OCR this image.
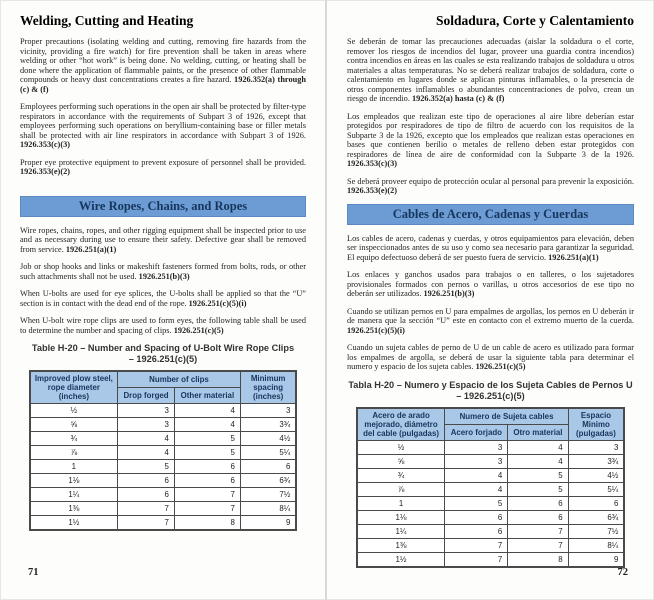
Welding, Cutting and Heating

Proper precautions (isolating welding and cutting, removing fire hazards from the vicinity, providing a fire watch) for fire prevention shall be taken in areas where welding or other “hot work” is being done. No welding, cutting, or heating shall be done where the application of flammable paints, or the presence of other flammable compounds or heavy dust concentrations creates a fire hazard. 1926.352(a) through (c) & (f)

Employees performing such operations in the open air shall be protected by filter-type respirators in accordance with the requirements of Subpart 3 of 1926, except that employees performing such operations on beryllium-containing base or filler metals shall be protected with air line respirators in accordance with Subpart 3 of 1926. 1926.353(c)(3)

Proper eye protective equipment to prevent exposure of personnel shall be provided. 1926.353(e)(2)

Wire Ropes, Chains, and Ropes

Wire ropes, chains, ropes, and other rigging equipment shall be inspected prior to use and as necessary during use to ensure their safety. Defective gear shall be removed from service. 1926.251(a)(1)

Job or shop hooks and links or makeshift fasteners formed from bolts, rods, or other such attachments shall not be used. 1926.251(b)(3)

When U-bolts are used for eye splices, the U-bolts shall be applied so that the “U” section is in contact with the dead end of the rope. 1926.251(c)(5)(i)

When U-bolt wire rope clips are used to form eyes, the following table shall be used to determine the number and spacing of clips. 1926.251(c)(5)

Table H-20 – Number and Spacing of U-Bolt Wire Rope Clips
– 1926.251(c)(5)
Improved plow steel, rope diameter (inches)	Number of clips		Minimum spacing (inches)
	Drop forged	Other material	
½	3	4	3
⅝	3	4	3¾
¾	4	5	4½
⅞	4	5	5¼
1	5	6	6
1⅛	6	6	6¾
1¼	6	7	7½
1⅜	7	7	8¼
1½	7	8	9
71
Soldadura, Corte y Calentamiento

Se deberán de tomar las precauciones adecuadas (aislar la soldadura o el corte, remover los riesgos de incendios del lugar, proveer una guardia contra incendios) contra incendios en áreas en las cuales se esta realizando trabajos de soldadura u otros materiales a altas temperaturas. No se deberá realizar trabajos de soldadura, corte o calentamiento en lugares donde se aplican pinturas inflamables, o la presencia de otros componentes inflamables o abundantes concentraciones de polvo, crean un riesgo de incendio. 1926.352(a) hasta (c) & (f)

Los empleados que realizan este tipo de operaciones al aire libre deberían estar protegidos por respiradores de tipo de filtro de acuerdo con los requisitos de la Subparte 3 de la 1926, excepto que los empleados que realizan estas operaciones en bases que contienen berilio o metales de relleno deben estar protegidos con respiradores de línea de aire de conformidad con la Subparte 3 de la 1926. 1926.353(c)(3)

Se deberá proveer equipo de protección ocular al personal para prevenir la exposición. 1926.353(e)(2)

Cables de Acero, Cadenas y Cuerdas

Los cables de acero, cadenas y cuerdas, y otros equipamientos para elevación, deben ser inspeccionados antes de su uso y como sea necesario para garantizar la seguridad. El equipo defectuoso deberá de ser puesto fuera de servicio. 1926.251(a)(1)

Los enlaces y ganchos usados para trabajos o en talleres, o los sujetadores provisionales formados con pernos o varillas, u otros accesorios de ese tipo no deberán ser utilizados. 1926.251(b)(3)

Cuando se utilizan pernos en U para empalmes de argollas, los pernos en U deberán ir de manera que la sección “U” este en contacto con el extremo muerto de la cuerda. 1926.251(c)(5)(i)

Cuando un sujeta cables de perno de U de un cable de acero es utilizado para formar los empalmes de argolla, se deberá de usar la siguiente tabla para determinar el numero y espacio de los sujeta cables. 1926.251(c)(5)

Tabla H-20 – Numero y Espacio de los Sujeta Cables de Pernos U
– 1926.251(c)(5)
Acero de arado mejorado, diámetro del cable (pulgadas)	Numero de Sujeta cables		Espacio Minimo (pulgadas)
	Acero forjado	Otro material	
½	3	4	3
⅝	3	4	3¾
¾	4	5	4½
⅞	4	5	5¼
1	5	6	6
1⅛	6	6	6¾
1¼	6	7	7½
1⅜	7	7	8¼
1½	7	8	9
72
